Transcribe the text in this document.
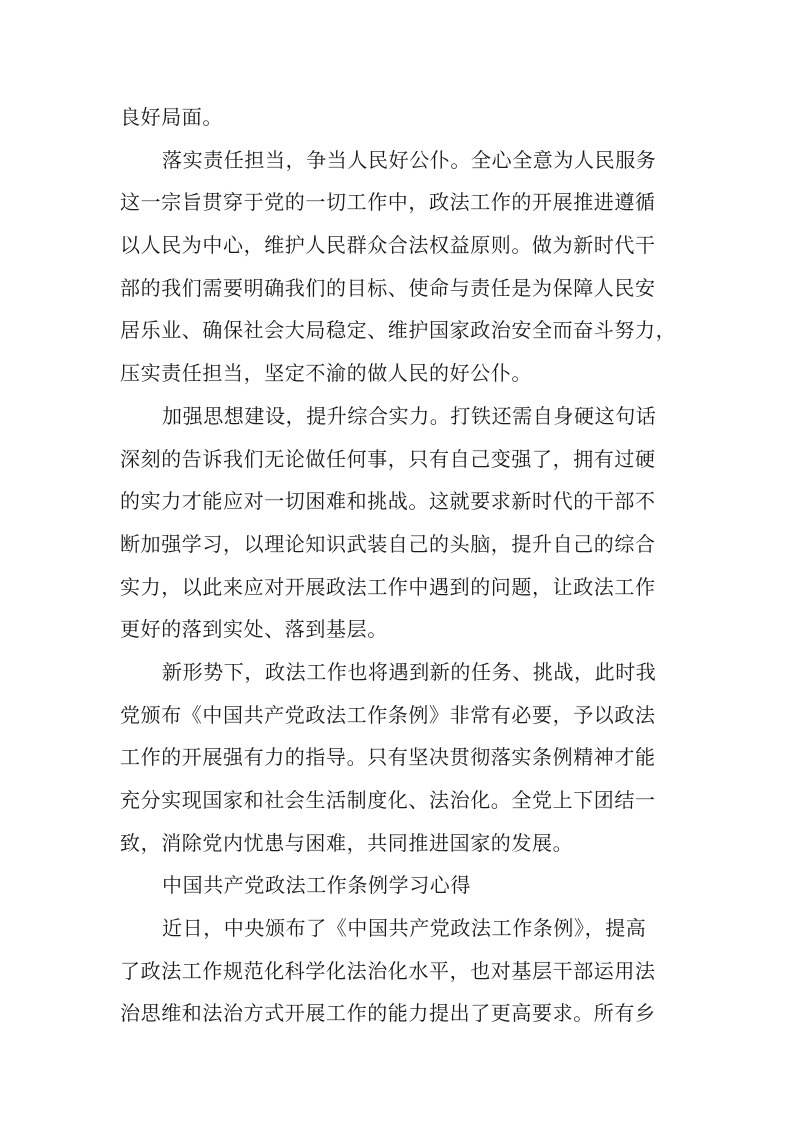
良好局面。
落实责任担当，争当人民好公仆。全心全意为人民服务
这一宗旨贯穿于党的一切工作中，政法工作的开展推进遵循
以人民为中心，维护人民群众合法权益原则。做为新时代干
部的我们需要明确我们的目标、使命与责任是为保障人民安
居乐业、确保社会大局稳定、维护国家政治安全而奋斗努力，
压实责任担当，坚定不渝的做人民的好公仆。
加强思想建设，提升综合实力。打铁还需自身硬这句话
深刻的告诉我们无论做任何事，只有自己变强了，拥有过硬
的实力才能应对一切困难和挑战。这就要求新时代的干部不
断加强学习，以理论知识武装自己的头脑，提升自己的综合
实力，以此来应对开展政法工作中遇到的问题，让政法工作
更好的落到实处、落到基层。
新形势下，政法工作也将遇到新的任务、挑战，此时我
党颁布《中国共产党政法工作条例》非常有必要，予以政法
工作的开展强有力的指导。只有坚决贯彻落实条例精神才能
充分实现国家和社会生活制度化、法治化。全党上下团结一
致，消除党内忧患与困难，共同推进国家的发展。
中国共产党政法工作条例学习心得
近日，中央颁布了《中国共产党政法工作条例》，提高
了政法工作规范化科学化法治化水平，也对基层干部运用法
治思维和法治方式开展工作的能力提出了更高要求。所有乡
